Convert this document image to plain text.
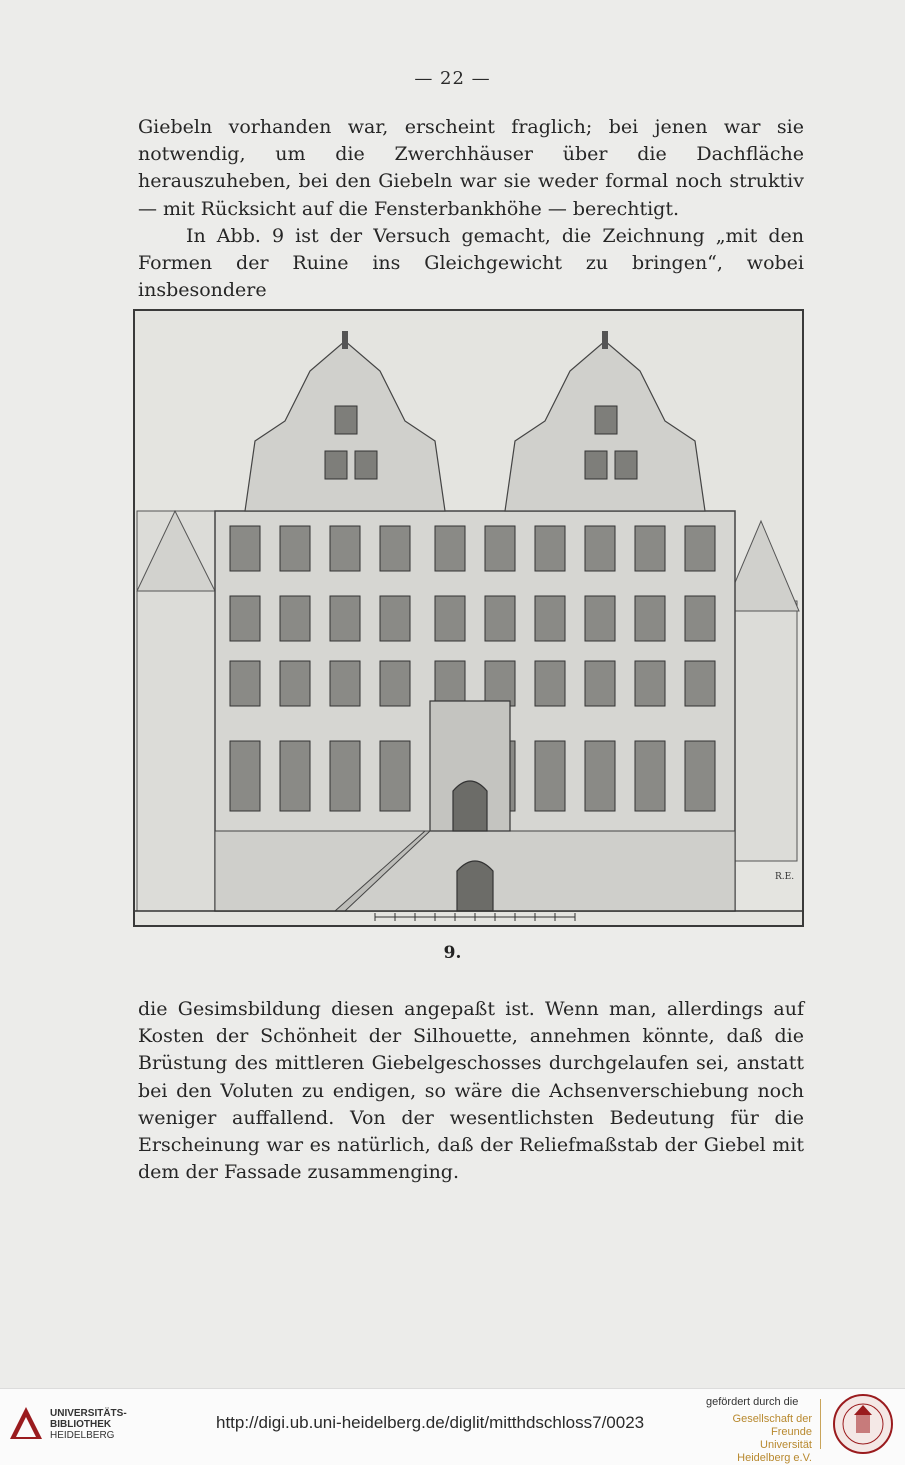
— 22 —

Giebeln vorhanden war, erscheint fraglich; bei jenen war sie notwendig, um die Zwerchhäuser über die Dachfläche herauszuheben, bei den Giebeln war sie weder formal noch struktiv — mit Rücksicht auf die Fensterbankhöhe — berechtigt.

In Abb. 9 ist der Versuch gemacht, die Zeichnung „mit den Formen der Ruine ins Gleichgewicht zu bringen“, wobei insbesondere

R.E.
9.

die Gesimsbildung diesen angepaßt ist. Wenn man, allerdings auf Kosten der Schönheit der Silhouette, annehmen könnte, daß die Brüstung des mittleren Giebelgeschosses durchgelaufen sei, anstatt bei den Voluten zu endigen, so wäre die Achsenverschiebung noch weniger auffallend. Von der wesentlichsten Bedeutung für die Erscheinung war es natürlich, daß der Reliefmaßstab der Giebel mit dem der Fassade zusammenging.

UNIVERSITÄTS-
BIBLIOTHEK
HEIDELBERG
http://digi.ub.uni-heidelberg.de/diglit/mitthdschloss7/0023
gefördert durch die
Gesellschaft der Freunde
Universität Heidelberg e.V.
